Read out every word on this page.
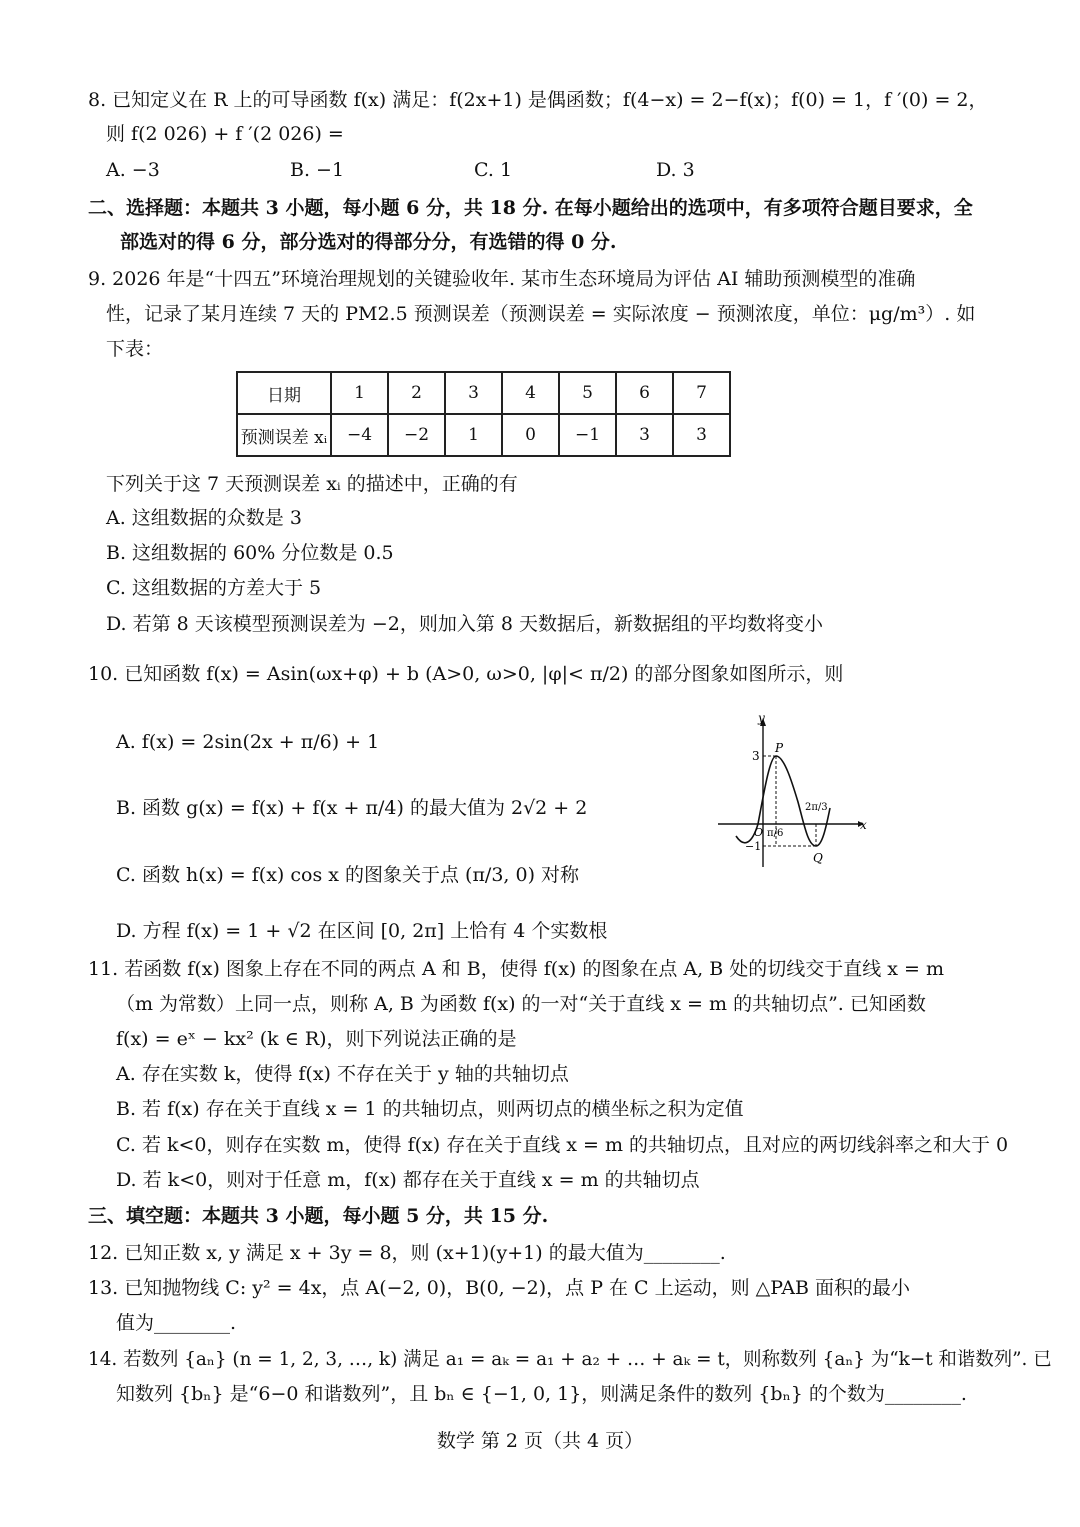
8. 已知定义在 R 上的可导函数 f(x) 满足：f(2x+1) 是偶函数；f(4−x) = 2−f(x)；f(0) = 1，f ′(0) = 2，
则 f(2 026) + f ′(2 026) =
A. −3	B. −1	C. 1	D. 3
二、选择题：本题共 3 小题，每小题 6 分，共 18 分. 在每小题给出的选项中，有多项符合题目要求，全
部选对的得 6 分，部分选对的得部分分，有选错的得 0 分.
9. 2026 年是“十四五”环境治理规划的关键验收年. 某市生态环境局为评估 AI 辅助预测模型的准确
性，记录了某月连续 7 天的 PM2.5 预测误差（预测误差 = 实际浓度 − 预测浓度，单位：μg/m³）. 如
下表：
日期	1	2	3	4	5	6	7
预测误差 xᵢ	−4	−2	1	0	−1	3	3
下列关于这 7 天预测误差 xᵢ 的描述中，正确的有
A. 这组数据的众数是 3
B. 这组数据的 60% 分位数是 0.5
C. 这组数据的方差大于 5
D. 若第 8 天该模型预测误差为 −2，则加入第 8 天数据后，新数据组的平均数将变小
10. 已知函数 f(x) = Asin(ωx+φ) + b (A>0, ω>0, |φ|< π/2) 的部分图象如图所示，则
A. f(x) = 2sin(2x + π/6) + 1
B. 函数 g(x) = f(x) + f(x + π/4) 的最大值为 2√2 + 2
C. 函数 h(x) = f(x) cos x 的图象关于点 (π/3, 0) 对称
D. 方程 f(x) = 1 + √2 在区间 [0, 2π] 上恰有 4 个实数根
y
x
3
−1
O
P
Q
π/6
2π/3
11. 若函数 f(x) 图象上存在不同的两点 A 和 B，使得 f(x) 的图象在点 A, B 处的切线交于直线 x = m
（m 为常数）上同一点，则称 A, B 为函数 f(x) 的一对“关于直线 x = m 的共轴切点”. 已知函数
f(x) = eˣ − kx² (k ∈ R)，则下列说法正确的是
A. 存在实数 k，使得 f(x) 不存在关于 y 轴的共轴切点
B. 若 f(x) 存在关于直线 x = 1 的共轴切点，则两切点的横坐标之积为定值
C. 若 k<0，则存在实数 m，使得 f(x) 存在关于直线 x = m 的共轴切点，且对应的两切线斜率之和大于 0
D. 若 k<0，则对于任意 m，f(x) 都存在关于直线 x = m 的共轴切点
三、填空题：本题共 3 小题，每小题 5 分，共 15 分.
12. 已知正数 x, y 满足 x + 3y = 8，则 (x+1)(y+1) 的最大值为________.
13. 已知抛物线 C: y² = 4x，点 A(−2, 0)，B(0, −2)，点 P 在 C 上运动，则 △PAB 面积的最小
值为________.
14. 若数列 {aₙ} (n = 1, 2, 3, …, k) 满足 a₁ = aₖ = a₁ + a₂ + … + aₖ = t，则称数列 {aₙ} 为“k−t 和谐数列”. 已
知数列 {bₙ} 是“6−0 和谐数列”，且 bₙ ∈ {−1, 0, 1}，则满足条件的数列 {bₙ} 的个数为________.
数学 第 2 页（共 4 页）
